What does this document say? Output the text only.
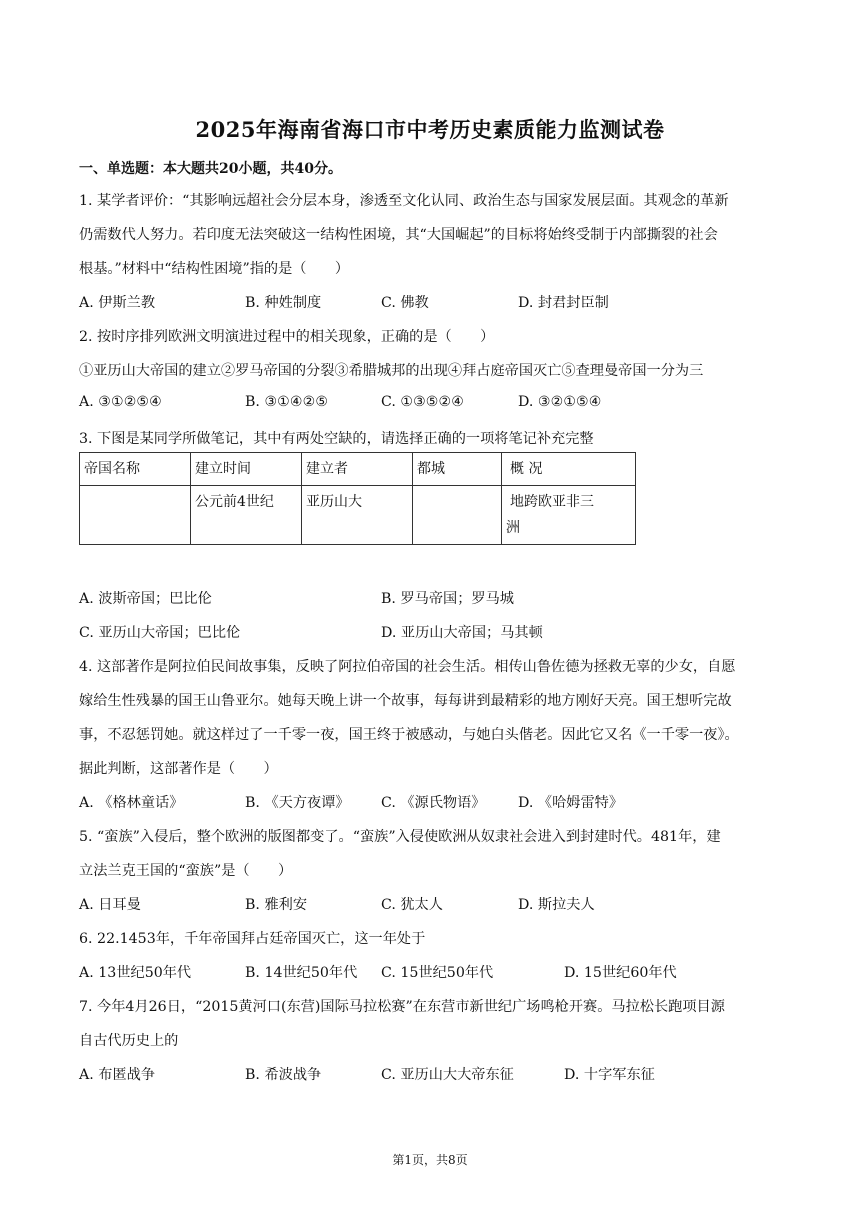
2025年海南省海口市中考历史素质能力监测试卷
一、单选题：本大题共20小题，共40分。
1. 某学者评价：“其影响远超社会分层本身，渗透至文化认同、政治生态与国家发展层面。其观念的革新
仍需数代人努力。若印度无法突破这一结构性困境，其“大国崛起”的目标将始终受制于内部撕裂的社会
根基。”材料中“结构性困境”指的是（　　）
A. 伊斯兰教	B. 种姓制度	C. 佛教	D. 封君封臣制
2. 按时序排列欧洲文明演进过程中的相关现象，正确的是（　　）
①亚历山大帝国的建立②罗马帝国的分裂③希腊城邦的出现④拜占庭帝国灭亡⑤查理曼帝国一分为三
A. ③①②⑤④	B. ③①④②⑤	C. ①③⑤②④	D. ③②①⑤④
3. 下图是某同学所做笔记，其中有两处空缺的，请选择正确的一项将笔记补充完整
帝国名称	建立时间	建立者	都城	概 况
	公元前4世纪	亚历山大		地跨欧亚非三
洲
A. 波斯帝国；巴比伦	B. 罗马帝国；罗马城
C. 亚历山大帝国；巴比伦	D. 亚历山大帝国；马其顿
4. 这部著作是阿拉伯民间故事集，反映了阿拉伯帝国的社会生活。相传山鲁佐德为拯救无辜的少女，自愿
嫁给生性残暴的国王山鲁亚尔。她每天晚上讲一个故事，每每讲到最精彩的地方刚好天亮。国王想听完故
事，不忍惩罚她。就这样过了一千零一夜，国王终于被感动，与她白头偕老。因此它又名《一千零一夜》。
据此判断，这部著作是（　　）
A. 《格林童话》	B. 《天方夜谭》 C. 《源氏物语》 D. 《哈姆雷特》
5. “蛮族”入侵后，整个欧洲的版图都变了。“蛮族”入侵使欧洲从奴隶社会进入到封建时代。481年，建
立法兰克王国的“蛮族”是（　　）
A. 日耳曼	B. 雅利安	C. 犹太人	D. 斯拉夫人
6. 22.1453年，千年帝国拜占廷帝国灭亡，这一年处于
A. 13世纪50年代	B. 14世纪50年代 C. 15世纪50年代	D. 15世纪60年代
7. 今年4月26日，“2015黄河口(东营)国际马拉松赛”在东营市新世纪广场鸣枪开赛。马拉松长跑项目源
自古代历史上的
A. 布匿战争	B. 希波战争	C. 亚历山大大帝东征	D. 十字军东征
第1页，共8页
